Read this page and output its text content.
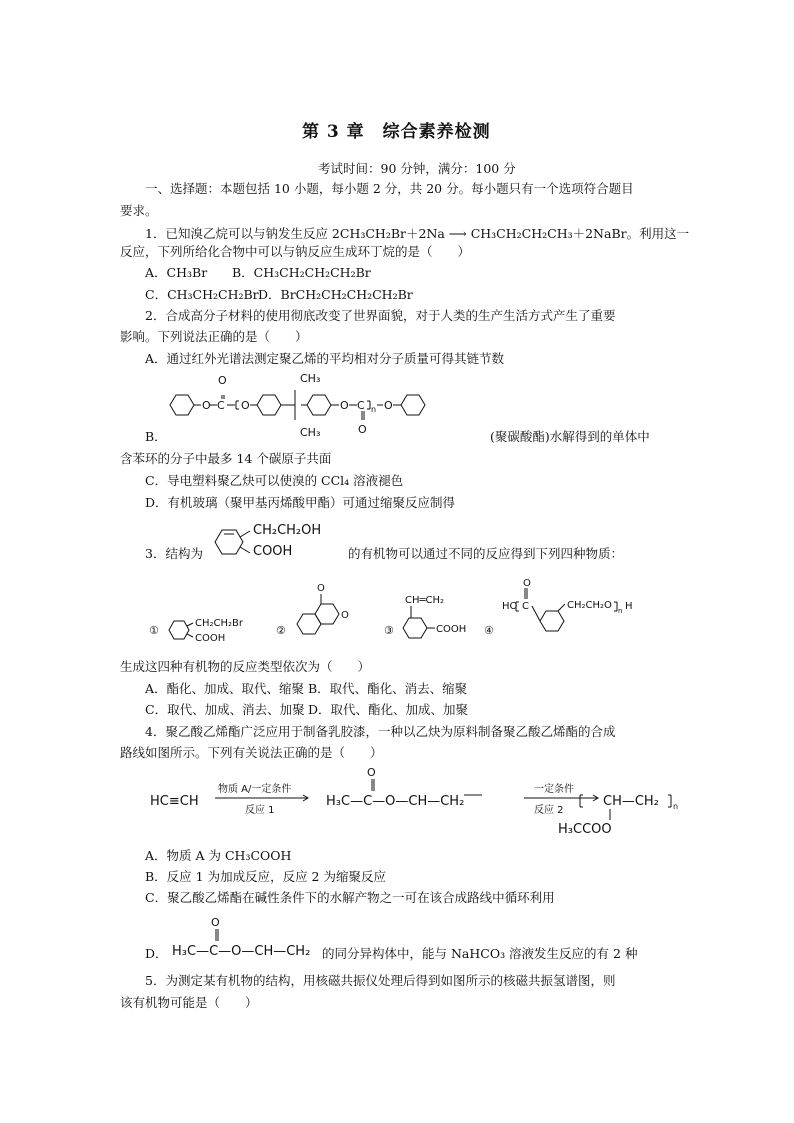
第 3 章　综合素养检测
考试时间：90 分钟，满分：100 分
一、选择题：本题包括 10 小题，每小题 2 分，共 20 分。每小题只有一个选项符合题目
要求。
1．已知溴乙烷可以与钠发生反应 2CH₃CH₂Br＋2Na ⟶ CH₃CH₂CH₂CH₃＋2NaBr。利用这一
反应，下列所给化合物中可以与钠反应生成环丁烷的是（　　）
A．CH₃Br B．CH₃CH₂CH₂CH₂Br
C．CH₃CH₂CH₂Br D．BrCH₂CH₂CH₂CH₂Br
2．合成高分子材料的使用彻底改变了世界面貌，对于人类的生产生活方式产生了重要
影响。下列说法正确的是（　　）
A．通过红外光谱法测定聚乙烯的平均相对分子质量可得其链节数
O C
O
O
CH₃
CH₃
O C
O
n O
B．	(聚碳酸酯)水解得到的单体中
含苯环的分子中最多 14 个碳原子共面
C．导电塑料聚乙炔可以使溴的 CCl₄ 溶液褪色
D．有机玻璃（聚甲基丙烯酸甲酯）可通过缩聚反应制得
3．结构为
CH₂CH₂OH
COOH	的有机物可以通过不同的反应得到下列四种物质：
①
CH₂CH₂Br
COOH
②
O
O
③
CH═CH₂
COOH ④
HO C
O
CH₂CH₂O n H
生成这四种有机物的反应类型依次为（　　）
A．酯化、加成、取代、缩聚 B．取代、酯化、消去、缩聚
C．取代、加成、消去、加聚 D．取代、酯化、加成、加聚
4．聚乙酸乙烯酯广泛应用于制备乳胶漆，一种以乙炔为原料制备聚乙酸乙烯酯的合成
路线如图所示。下列有关说法正确的是（　　）
HC≡CH
物质 A/一定条件
反应 1
H₃C—C—O—CH—CH₂
O
一定条件
反应 2
CH—CH₂ n
H₃CCOO
A．物质 A 为 CH₃COOH
B．反应 1 为加成反应，反应 2 为缩聚反应
C．聚乙酸乙烯酯在碱性条件下的水解产物之一可在该合成路线中循环利用
D． H₃C—C—O—CH—CH₂
O
的同分异构体中，能与 NaHCO₃ 溶液发生反应的有 2 种
5．为测定某有机物的结构，用核磁共振仪处理后得到如图所示的核磁共振氢谱图，则
该有机物可能是（　　）
